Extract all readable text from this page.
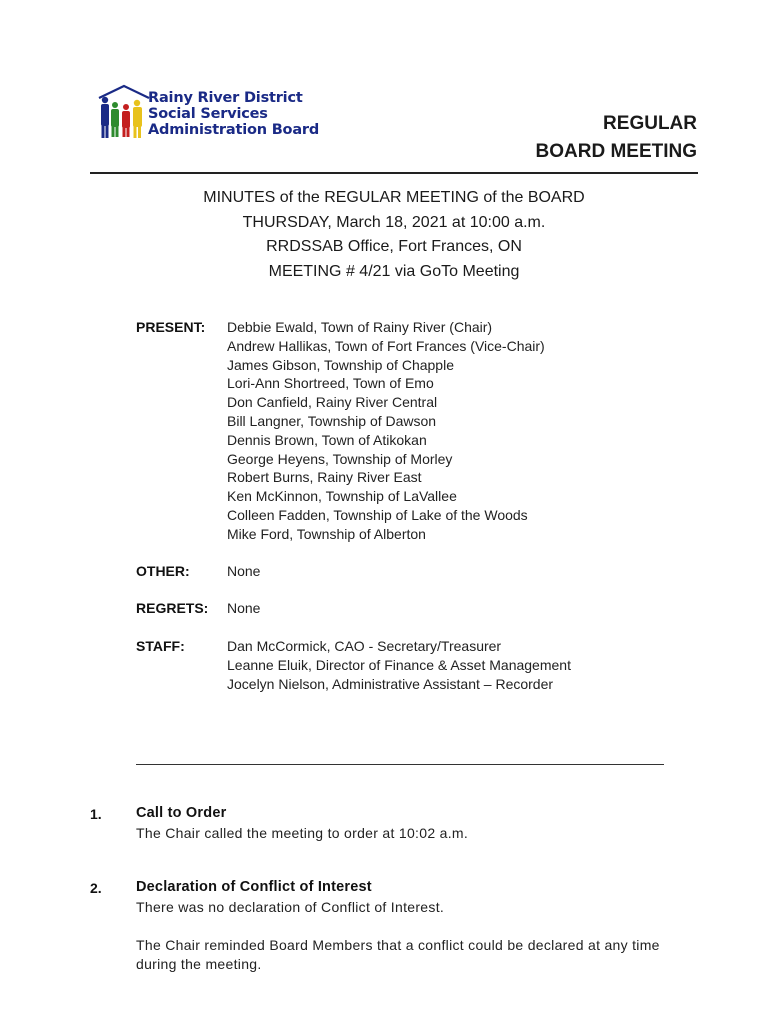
Rainy River District
Social Services
Administration Board	REGULAR
BOARD MEETING
MINUTES of the REGULAR MEETING of the BOARD
THURSDAY, March 18, 2021 at 10:00 a.m.
RRDSSAB Office, Fort Frances, ON
MEETING # 4/21 via GoTo Meeting
PRESENT: Debbie Ewald, Town of Rainy River (Chair)
Andrew Hallikas, Town of Fort Frances (Vice-Chair)
James Gibson, Township of Chapple
Lori-Ann Shortreed, Town of Emo
Don Canfield, Rainy River Central
Bill Langner, Township of Dawson
Dennis Brown, Town of Atikokan
George Heyens, Township of Morley
Robert Burns, Rainy River East
Ken McKinnon, Township of LaVallee
Colleen Fadden, Township of Lake of the Woods
Mike Ford, Township of Alberton
OTHER:	None
REGRETS: None
STAFF:	Dan McCormick, CAO - Secretary/Treasurer
Leanne Eluik, Director of Finance & Asset Management
Jocelyn Nielson, Administrative Assistant – Recorder
1. Call to Order
The Chair called the meeting to order at 10:02 a.m.
2. Declaration of Conflict of Interest
There was no declaration of Conflict of Interest.
The Chair reminded Board Members that a conflict could be declared at any time during the meeting.
